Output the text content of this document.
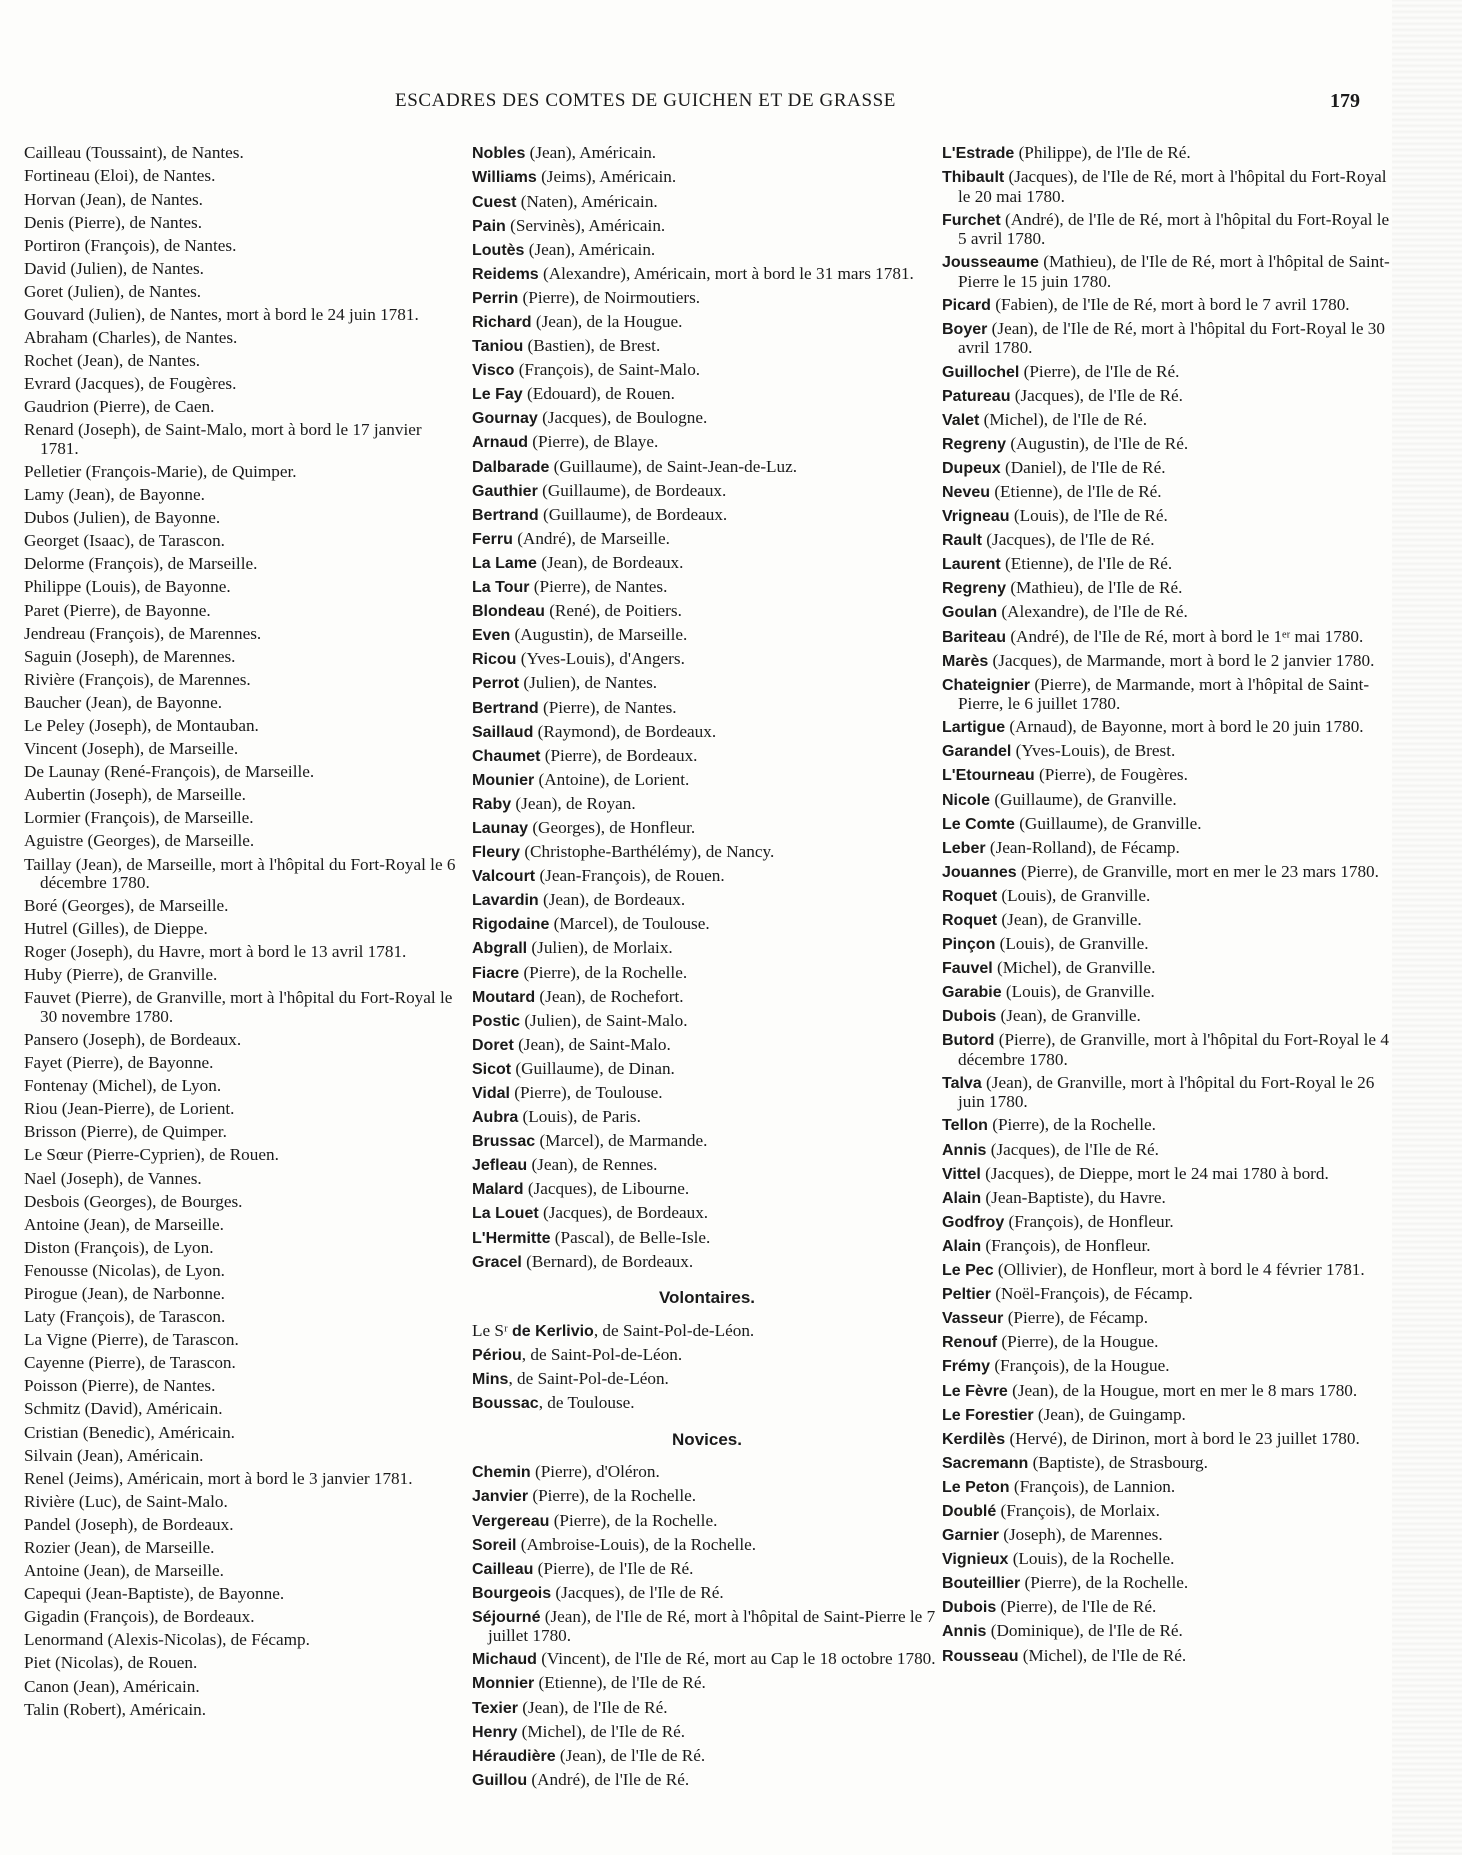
ESCADRES DES COMTES DE GUICHEN ET DE GRASSE	179
Cailleau (Toussaint), de Nantes.
Fortineau (Eloi), de Nantes.
Horvan (Jean), de Nantes.
Denis (Pierre), de Nantes.
Portiron (François), de Nantes.
David (Julien), de Nantes.
Goret (Julien), de Nantes.
Gouvard (Julien), de Nantes, mort à bord le 24 juin 1781.
Abraham (Charles), de Nantes.
Rochet (Jean), de Nantes.
Evrard (Jacques), de Fougères.
Gaudrion (Pierre), de Caen.
Renard (Joseph), de Saint-Malo, mort à bord le 17 janvier 1781.
Pelletier (François-Marie), de Quimper.
Lamy (Jean), de Bayonne.
Dubos (Julien), de Bayonne.
Georget (Isaac), de Tarascon.
Delorme (François), de Marseille.
Philippe (Louis), de Bayonne.
Paret (Pierre), de Bayonne.
Jendreau (François), de Marennes.
Saguin (Joseph), de Marennes.
Rivière (François), de Marennes.
Baucher (Jean), de Bayonne.
Le Peley (Joseph), de Montauban.
Vincent (Joseph), de Marseille.
De Launay (René-François), de Marseille.
Aubertin (Joseph), de Marseille.
Lormier (François), de Marseille.
Aguistre (Georges), de Marseille.
Taillay (Jean), de Marseille, mort à l'hôpital du Fort-Royal le 6 décembre 1780.
Boré (Georges), de Marseille.
Hutrel (Gilles), de Dieppe.
Roger (Joseph), du Havre, mort à bord le 13 avril 1781.
Huby (Pierre), de Granville.
Fauvet (Pierre), de Granville, mort à l'hôpital du Fort-Royal le 30 novembre 1780.
Pansero (Joseph), de Bordeaux.
Fayet (Pierre), de Bayonne.
Fontenay (Michel), de Lyon.
Riou (Jean-Pierre), de Lorient.
Brisson (Pierre), de Quimper.
Le Sœur (Pierre-Cyprien), de Rouen.
Nael (Joseph), de Vannes.
Desbois (Georges), de Bourges.
Antoine (Jean), de Marseille.
Diston (François), de Lyon.
Fenousse (Nicolas), de Lyon.
Pirogue (Jean), de Narbonne.
Laty (François), de Tarascon.
La Vigne (Pierre), de Tarascon.
Cayenne (Pierre), de Tarascon.
Poisson (Pierre), de Nantes.
Schmitz (David), Américain.
Cristian (Benedic), Américain.
Silvain (Jean), Américain.
Renel (Jeims), Américain, mort à bord le 3 janvier 1781.
Rivière (Luc), de Saint-Malo.
Pandel (Joseph), de Bordeaux.
Rozier (Jean), de Marseille.
Antoine (Jean), de Marseille.
Capequi (Jean-Baptiste), de Bayonne.
Gigadin (François), de Bordeaux.
Lenormand (Alexis-Nicolas), de Fécamp.
Piet (Nicolas), de Rouen.
Canon (Jean), Américain.
Talin (Robert), Américain.
Nobles (Jean), Américain.
Williams (Jeims), Américain.
Cuest (Naten), Américain.
Pain (Servinès), Américain.
Loutès (Jean), Américain.
Reidems (Alexandre), Américain, mort à bord le 31 mars 1781.
Perrin (Pierre), de Noirmoutiers.
Richard (Jean), de la Hougue.
Taniou (Bastien), de Brest.
Visco (François), de Saint-Malo.
Le Fay (Edouard), de Rouen.
Gournay (Jacques), de Boulogne.
Arnaud (Pierre), de Blaye.
Dalbarade (Guillaume), de Saint-Jean-de-Luz.
Gauthier (Guillaume), de Bordeaux.
Bertrand (Guillaume), de Bordeaux.
Ferru (André), de Marseille.
La Lame (Jean), de Bordeaux.
La Tour (Pierre), de Nantes.
Blondeau (René), de Poitiers.
Even (Augustin), de Marseille.
Ricou (Yves-Louis), d'Angers.
Perrot (Julien), de Nantes.
Bertrand (Pierre), de Nantes.
Saillaud (Raymond), de Bordeaux.
Chaumet (Pierre), de Bordeaux.
Mounier (Antoine), de Lorient.
Raby (Jean), de Royan.
Launay (Georges), de Honfleur.
Fleury (Christophe-Barthélémy), de Nancy.
Valcourt (Jean-François), de Rouen.
Lavardin (Jean), de Bordeaux.
Rigodaine (Marcel), de Toulouse.
Abgrall (Julien), de Morlaix.
Fiacre (Pierre), de la Rochelle.
Moutard (Jean), de Rochefort.
Postic (Julien), de Saint-Malo.
Doret (Jean), de Saint-Malo.
Sicot (Guillaume), de Dinan.
Vidal (Pierre), de Toulouse.
Aubra (Louis), de Paris.
Brussac (Marcel), de Marmande.
Jefleau (Jean), de Rennes.
Malard (Jacques), de Libourne.
La Louet (Jacques), de Bordeaux.
L'Hermitte (Pascal), de Belle-Isle.
Gracel (Bernard), de Bordeaux.
Volontaires.
Le Sʳ de Kerlivio, de Saint-Pol-de-Léon.
Périou, de Saint-Pol-de-Léon.
Mins, de Saint-Pol-de-Léon.
Boussac, de Toulouse.
Novices.
Chemin (Pierre), d'Oléron.
Janvier (Pierre), de la Rochelle.
Vergereau (Pierre), de la Rochelle.
Soreil (Ambroise-Louis), de la Rochelle.
Cailleau (Pierre), de l'Ile de Ré.
Bourgeois (Jacques), de l'Ile de Ré.
Séjourné (Jean), de l'Ile de Ré, mort à l'hôpital de Saint-Pierre le 7 juillet 1780.
Michaud (Vincent), de l'Ile de Ré, mort au Cap le 18 octobre 1780.
Monnier (Etienne), de l'Ile de Ré.
Texier (Jean), de l'Ile de Ré.
Henry (Michel), de l'Ile de Ré.
Héraudière (Jean), de l'Ile de Ré.
Guillou (André), de l'Ile de Ré.
L'Estrade (Philippe), de l'Ile de Ré.
Thibault (Jacques), de l'Ile de Ré, mort à l'hôpital du Fort-Royal le 20 mai 1780.
Furchet (André), de l'Ile de Ré, mort à l'hôpital du Fort-Royal le 5 avril 1780.
Jousseaume (Mathieu), de l'Ile de Ré, mort à l'hôpital de Saint-Pierre le 15 juin 1780.
Picard (Fabien), de l'Ile de Ré, mort à bord le 7 avril 1780.
Boyer (Jean), de l'Ile de Ré, mort à l'hôpital du Fort-Royal le 30 avril 1780.
Guillochel (Pierre), de l'Ile de Ré.
Patureau (Jacques), de l'Ile de Ré.
Valet (Michel), de l'Ile de Ré.
Regreny (Augustin), de l'Ile de Ré.
Dupeux (Daniel), de l'Ile de Ré.
Neveu (Etienne), de l'Ile de Ré.
Vrigneau (Louis), de l'Ile de Ré.
Rault (Jacques), de l'Ile de Ré.
Laurent (Etienne), de l'Ile de Ré.
Regreny (Mathieu), de l'Ile de Ré.
Goulan (Alexandre), de l'Ile de Ré.
Bariteau (André), de l'Ile de Ré, mort à bord le 1ᵉʳ mai 1780.
Marès (Jacques), de Marmande, mort à bord le 2 janvier 1780.
Chateignier (Pierre), de Marmande, mort à l'hôpital de Saint-Pierre, le 6 juillet 1780.
Lartigue (Arnaud), de Bayonne, mort à bord le 20 juin 1780.
Garandel (Yves-Louis), de Brest.
L'Etourneau (Pierre), de Fougères.
Nicole (Guillaume), de Granville.
Le Comte (Guillaume), de Granville.
Leber (Jean-Rolland), de Fécamp.
Jouannes (Pierre), de Granville, mort en mer le 23 mars 1780.
Roquet (Louis), de Granville.
Roquet (Jean), de Granville.
Pinçon (Louis), de Granville.
Fauvel (Michel), de Granville.
Garabie (Louis), de Granville.
Dubois (Jean), de Granville.
Butord (Pierre), de Granville, mort à l'hôpital du Fort-Royal le 4 décembre 1780.
Talva (Jean), de Granville, mort à l'hôpital du Fort-Royal le 26 juin 1780.
Tellon (Pierre), de la Rochelle.
Annis (Jacques), de l'Ile de Ré.
Vittel (Jacques), de Dieppe, mort le 24 mai 1780 à bord.
Alain (Jean-Baptiste), du Havre.
Godfroy (François), de Honfleur.
Alain (François), de Honfleur.
Le Pec (Ollivier), de Honfleur, mort à bord le 4 février 1781.
Peltier (Noël-François), de Fécamp.
Vasseur (Pierre), de Fécamp.
Renouf (Pierre), de la Hougue.
Frémy (François), de la Hougue.
Le Fèvre (Jean), de la Hougue, mort en mer le 8 mars 1780.
Le Forestier (Jean), de Guingamp.
Kerdilès (Hervé), de Dirinon, mort à bord le 23 juillet 1780.
Sacremann (Baptiste), de Strasbourg.
Le Peton (François), de Lannion.
Doublé (François), de Morlaix.
Garnier (Joseph), de Marennes.
Vignieux (Louis), de la Rochelle.
Bouteillier (Pierre), de la Rochelle.
Dubois (Pierre), de l'Ile de Ré.
Annis (Dominique), de l'Ile de Ré.
Rousseau (Michel), de l'Ile de Ré.
